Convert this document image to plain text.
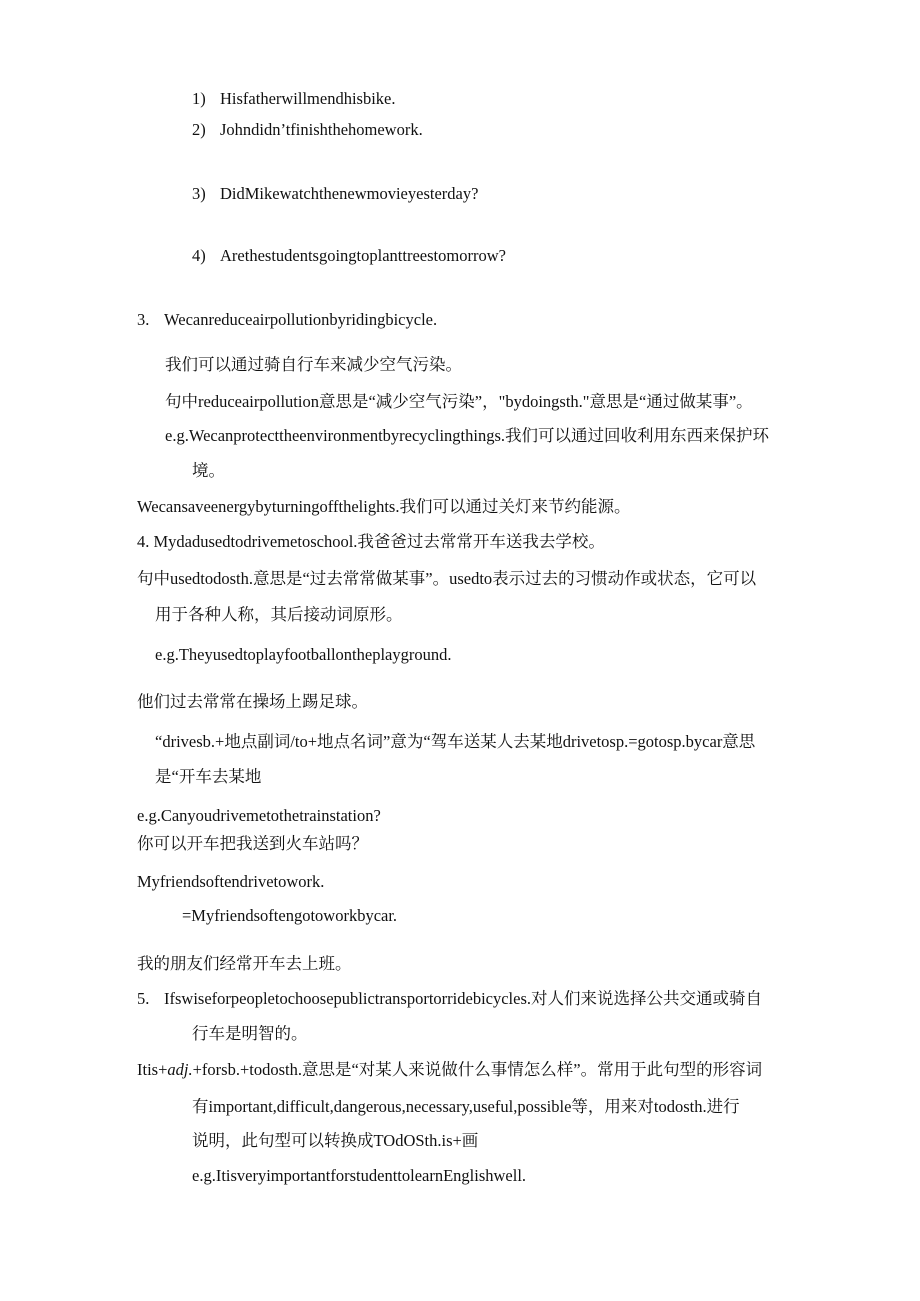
1) Hisfatherwillmendhisbike.
2) Johndidn’tfinishthehomework.
3) DidMikewatchthenewmovieyesterday?
4) Arethestudentsgoingtoplanttreestomorrow?
3. Wecanreduceairpollutionbyridingbicycle.
我们可以通过骑自行车来减少空气污染。
句中reduceairpollution意思是“减少空气污染”，"bydoingsth."意思是“通过做某事”。
e.g.Wecanprotecttheenvironmentbyrecyclingthings.我们可以通过回收利用东西来保护环
境。
Wecansaveenergybyturningoffthelights.我们可以通过关灯来节约能源。
4. Mydadusedtodrivemetoschool.我爸爸过去常常开车送我去学校。
句中usedtodosth.意思是“过去常常做某事”。usedto表示过去的习惯动作或状态，它可以
用于各种人称，其后接动词原形。
e.g.Theyusedtoplayfootballontheplayground.
他们过去常常在操场上踢足球。
“drivesb.+地点副词/to+地点名词”意为“驾车送某人去某地drivetosp.=gotosp.bycar意思
是“开车去某地
e.g.Canyoudrivemetothetrainstation?
你可以开车把我送到火车站吗？
Myfriendsoftendrivetowork.
=Myfriendsoftengotoworkbycar.
我的朋友们经常开车去上班。
5. Ifswiseforpeopletochoosepublictransportorridebicycles.对人们来说选择公共交通或骑自
行车是明智的。
Itis+adj.+forsb.+todosth.意思是“对某人来说做什么事情怎么样”。常用于此句型的形容词
有important,difficult,dangerous,necessary,useful,possible等，用来对todosth.进行
说明，此句型可以转换成TOdOSth.is+画
e.g.ItisveryimportantforstudenttolearnEnglishwell.
